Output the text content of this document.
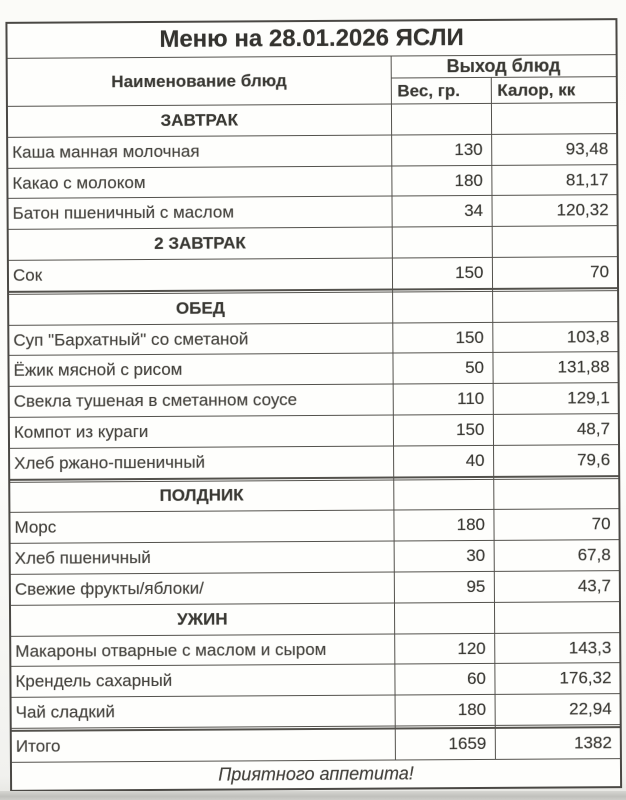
Меню на 28.01.2026 ЯСЛИ		
Наименование блюд	Выход блюд	
	Вес, гр.	Калор, кк
ЗАВТРАК		
Каша манная молочная	130	93,48
Какао с молоком	180	81,17
Батон пшеничный с маслом	34	120,32
2 ЗАВТРАК		
Сок	150	70

ОБЕД		
Суп "Бархатный" со сметаной	150	103,8
Ёжик мясной с рисом	50	131,88
Свекла тушеная в сметанном соусе	110	129,1
Компот из кураги	150	48,7
Хлеб ржано-пшеничный	40	79,6

ПОЛДНИК		
Морс	180	70
Хлеб пшеничный	30	67,8
Свежие фрукты/яблоки/	95	43,7
УЖИН		
Макароны отварные с маслом и сыром	120	143,3
Крендель сахарный	60	176,32
Чай сладкий	180	22,94

Итого	1659	1382
Приятного аппетита!		
